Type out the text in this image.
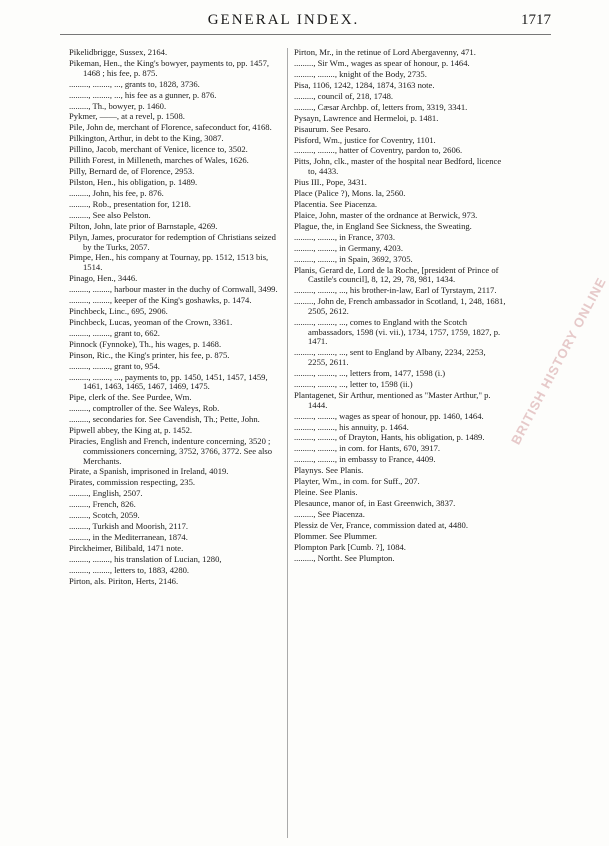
GENERAL INDEX.	1717
Pikelidbrigge, Sussex, 2164.
Pikeman, Hen., the King's bowyer, payments to, pp. 1457, 1468 ; his fee, p. 875.
........., ........, ..., grants to, 1828, 3736.
........., ........, ..., his fee as a gunner, p. 876.
........., Th., bowyer, p. 1460.
Pykmer, ——, at a revel, p. 1508.
Pile, John de, merchant of Florence, safeconduct for, 4168.
Pilkington, Arthur, in debt to the King, 3087.
Pillino, Jacob, merchant of Venice, licence to, 3502.
Pillith Forest, in Milleneth, marches of Wales, 1626.
Pilly, Bernard de, of Florence, 2953.
Pilston, Hen., his obligation, p. 1489.
........., John, his fee, p. 876.
........., Rob., presentation for, 1218.
........., See also Pelston.
Pilton, John, late prior of Barnstaple, 4269.
Pilyn, James, procurator for redemption of Christians seized by the Turks, 2057.
Pimpe, Hen., his company at Tournay, pp. 1512, 1513 bis, 1514.
Pinago, Hen., 3446.
........., ........, harbour master in the duchy of Cornwall, 3499.
........., ........, keeper of the King's goshawks, p. 1474.
Pinchbeck, Linc., 695, 2906.
Pinchbeck, Lucas, yeoman of the Crown, 3361.
........., ........, grant to, 662.
Pinnock (Fynnoke), Th., his wages, p. 1468.
Pinson, Ric., the King's printer, his fee, p. 875.
........., ........, grant to, 954.
........., ........, ..., payments to, pp. 1450, 1451, 1457, 1459, 1461, 1463, 1465, 1467, 1469, 1475.
Pipe, clerk of the. See Purdee, Wm.
........., comptroller of the. See Waleys, Rob.
........., secondaries for. See Cavendish, Th.; Pette, John.
Pipwell abbey, the King at, p. 1452.
Piracies, English and French, indenture concerning, 3520 ; commissioners concerning, 3752, 3766, 3772. See also Merchants.
Pirate, a Spanish, imprisoned in Ireland, 4019.
Pirates, commission respecting, 235.
........., English, 2507.
........., French, 826.
........., Scotch, 2059.
........., Turkish and Moorish, 2117.
........., in the Mediterranean, 1874.
Pirckheimer, Bilibald, 1471 note.
........., ........, his translation of Lucian, 1280,
........., ........, letters to, 1883, 4280.
Pirton, als. Piriton, Herts, 2146.
Pirton, Mr., in the retinue of Lord Abergavenny, 471.
........., Sir Wm., wages as spear of honour, p. 1464.
........., ........, knight of the Body, 2735.
Pisa, 1106, 1242, 1284, 1874, 3163 note.
........., council of, 218, 1748.
........., Cæsar Archbp. of, letters from, 3319, 3341.
Pysayn, Lawrence and Hermeloi, p. 1481.
Pisaurum. See Pesaro.
Pisford, Wm., justice for Coventry, 1101.
........., ........, hatter of Coventry, pardon to, 2606.
Pitts, John, clk., master of the hospital near Bedford, licence to, 4433.
Pius III., Pope, 3431.
Place (Palice ?), Mons. la, 2560.
Placentia. See Piacenza.
Plaice, John, master of the ordnance at Berwick, 973.
Plague, the, in England See Sickness, the Sweating.
........., ........, in France, 3703.
........., ........, in Germany, 4203.
........., ........, in Spain, 3692, 3705.
Planis, Gerard de, Lord de la Roche, [president of Prince of Castile's council], 8, 12, 29, 78, 981, 1434.
........., ........, ..., his brother-in-law, Earl of Tyrstaym, 2117.
........., John de, French ambassador in Scotland, 1, 248, 1681, 2505, 2612.
........., ........, ..., comes to England with the Scotch ambassadors, 1598 (vi. vii.), 1734, 1757, 1759, 1827, p. 1471.
........., ........, ..., sent to England by Albany, 2234, 2253, 2255, 2611.
........., ........, ..., letters from, 1477, 1598 (i.)
........., ........, ..., letter to, 1598 (ii.)
Plantagenet, Sir Arthur, mentioned as "Master Arthur," p. 1444.
........., ........, wages as spear of honour, pp. 1460, 1464.
........., ........, his annuity, p. 1464.
........., ........, of Drayton, Hants, his obligation, p. 1489.
........., ........, in com. for Hants, 670, 3917.
........., ........, in embassy to France, 4409.
Playnys. See Planis.
Playter, Wm., in com. for Suff., 207.
Pleine. See Planis.
Plesaunce, manor of, in East Greenwich, 3837.
........., See Piacenza.
Plessiz de Ver, France, commission dated at, 4480.
Plommer. See Plummer.
Plompton Park [Cumb. ?], 1084.
........., Northt. See Plumpton.
BRITISH HISTORY ONLINE
